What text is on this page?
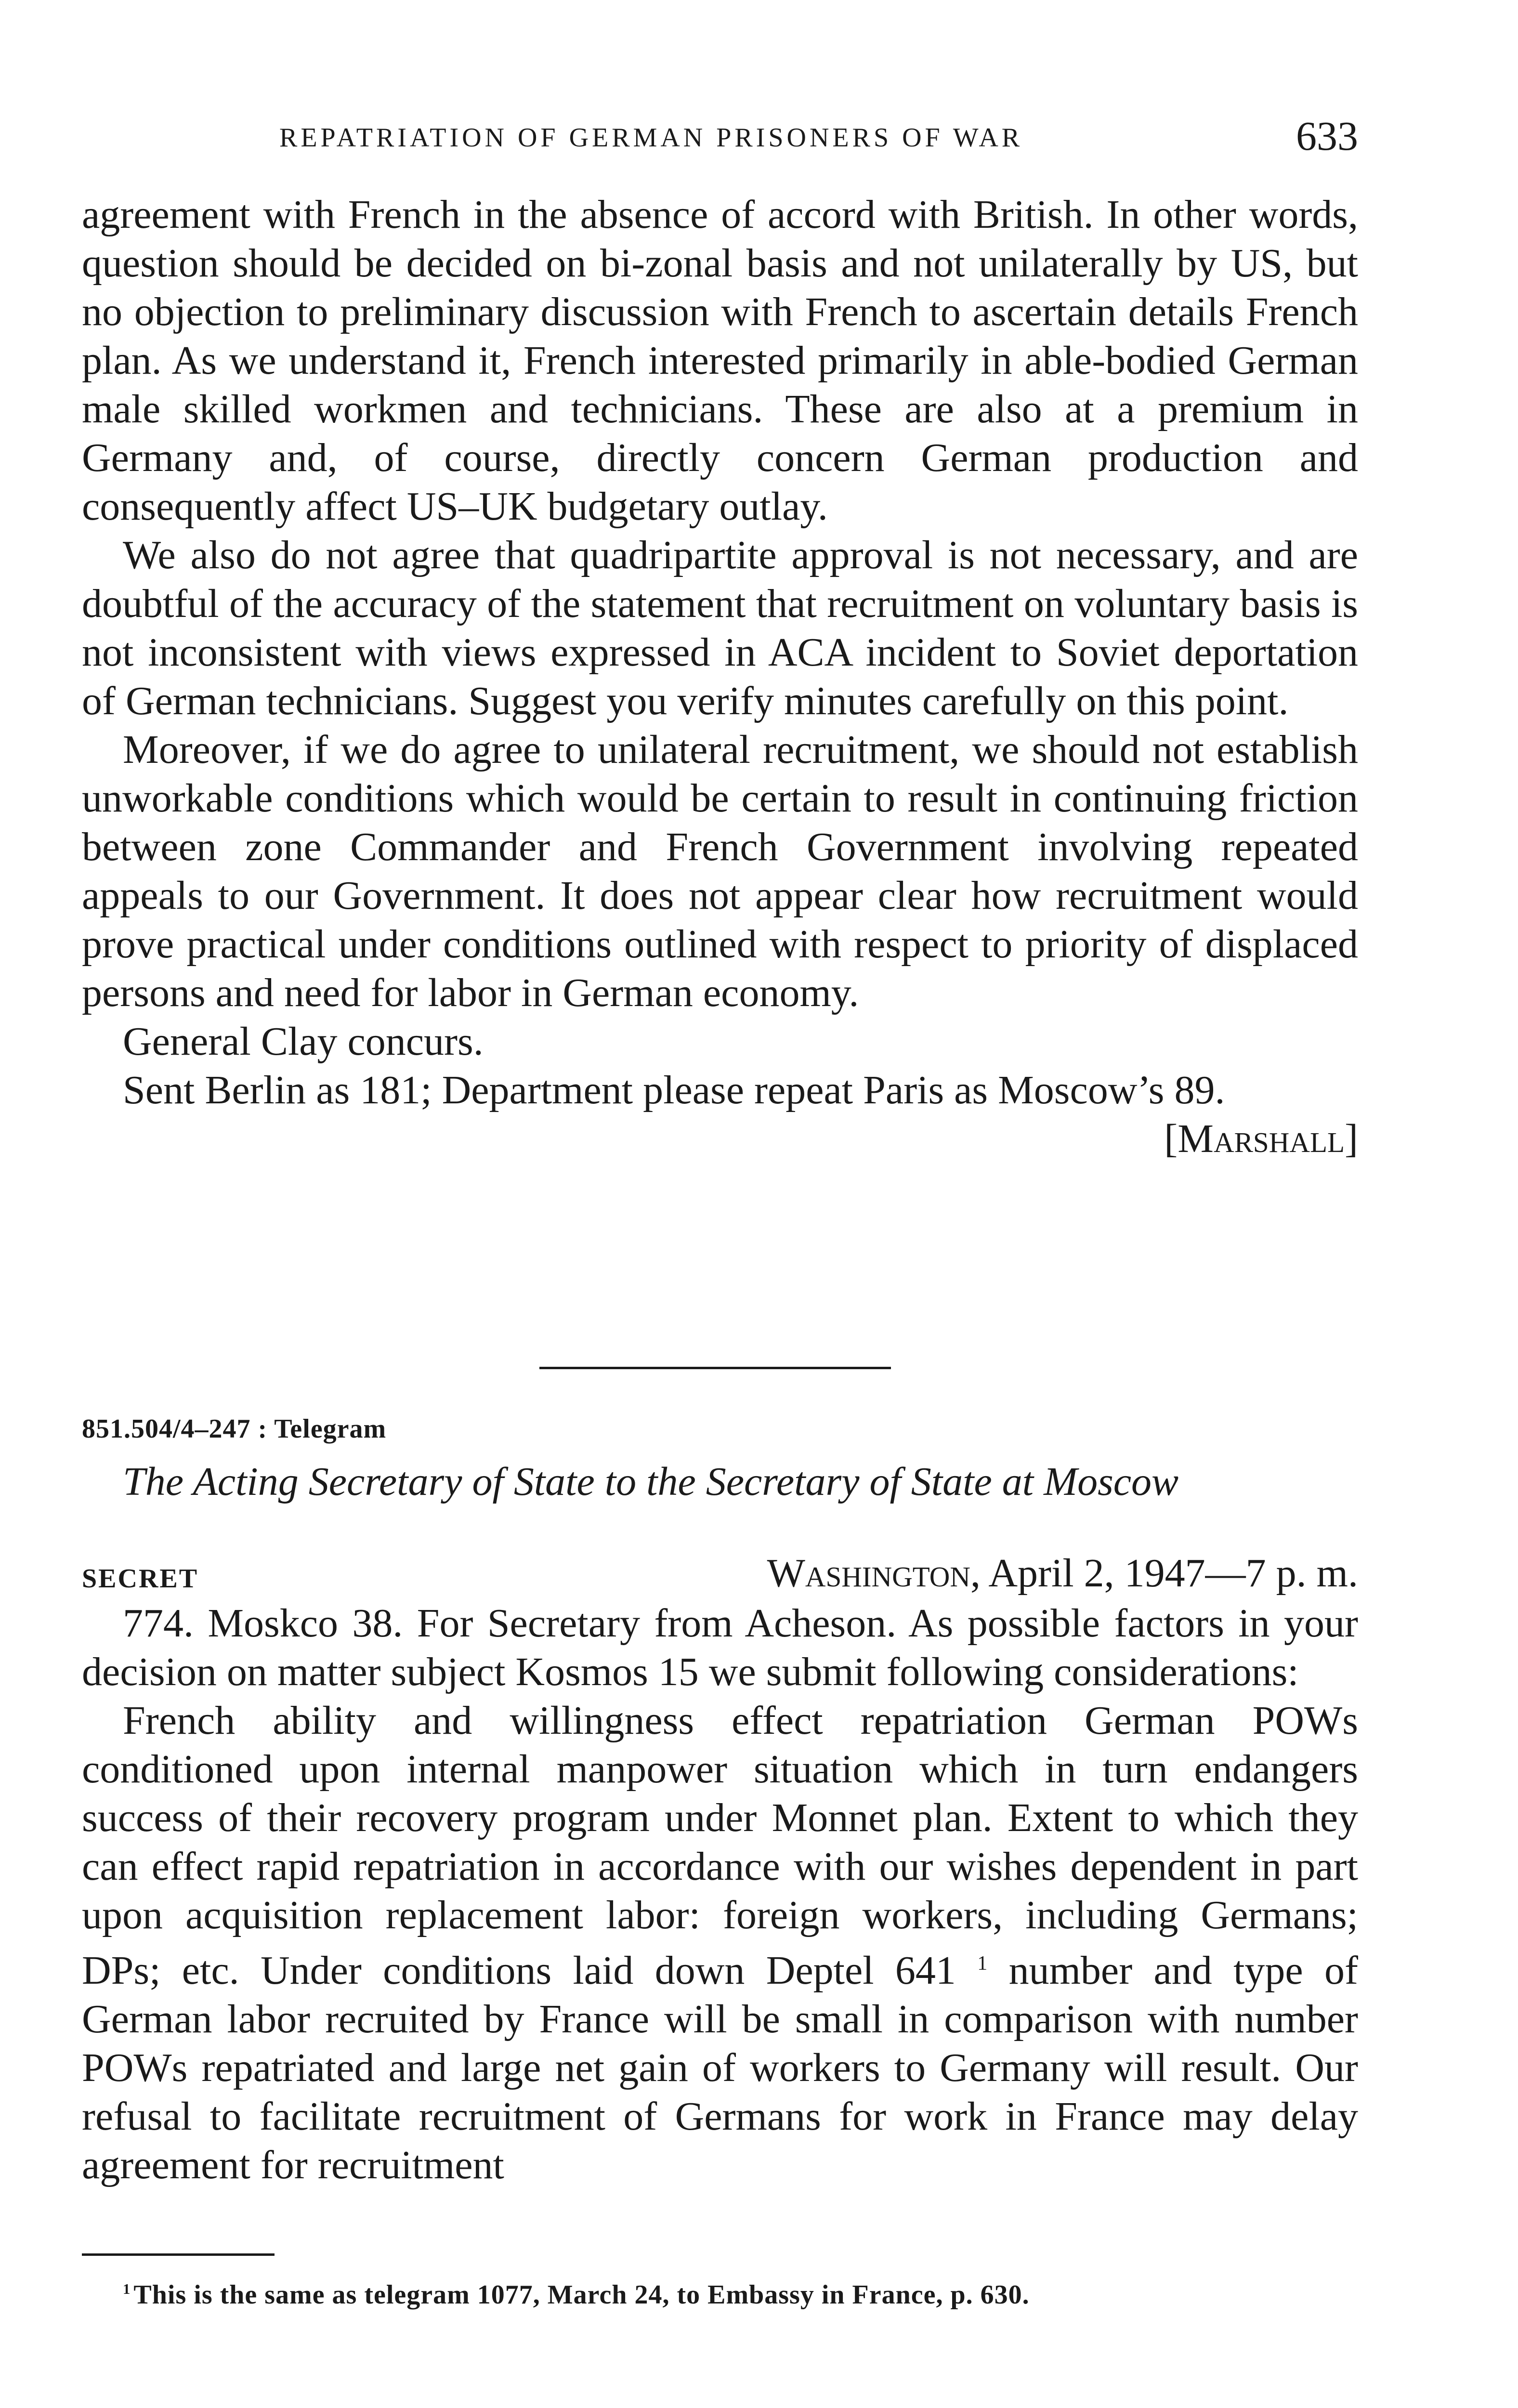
REPATRIATION OF GERMAN PRISONERS OF WAR	633

agreement with French in the absence of accord with British. In other words, question should be decided on bi-zonal basis and not unilaterally by US, but no objection to preliminary discussion with French to ascertain details French plan. As we understand it, French interested primarily in able-bodied German male skilled workmen and technicians. These are also at a premium in Germany and, of course, directly concern German production and consequently affect US–UK budgetary outlay.

We also do not agree that quadripartite approval is not necessary, and are doubtful of the accuracy of the statement that recruitment on voluntary basis is not inconsistent with views expressed in ACA incident to Soviet deportation of German technicians. Suggest you verify minutes carefully on this point.

Moreover, if we do agree to unilateral recruitment, we should not establish unworkable conditions which would be certain to result in continuing friction between zone Commander and French Government involving repeated appeals to our Government. It does not appear clear how recruitment would prove practical under conditions outlined with respect to priority of displaced persons and need for labor in German economy.

General Clay concurs.

Sent Berlin as 181; Department please repeat Paris as Moscow’s 89.

[Marshall]

851.504/4–247 : Telegram
The Acting Secretary of State to the Secretary of State at Moscow
SECRET	Washington, April 2, 1947—7 p. m.

774. Moskco 38. For Secretary from Acheson. As possible factors in your decision on matter subject Kosmos 15 we submit following considerations:

French ability and willingness effect repatriation German POWs conditioned upon internal manpower situation which in turn endangers success of their recovery program under Monnet plan. Extent to which they can effect rapid repatriation in accordance with our wishes dependent in part upon acquisition replacement labor: foreign workers, including Germans; DPs; etc. Under conditions laid down Deptel 641 $^1$ number and type of German labor recruited by France will be small in comparison with number POWs repatriated and large net gain of workers to Germany will result. Our refusal to facilitate recruitment of Germans for work in France may delay agreement for recruitment

$^1$ This is the same as telegram 1077, March 24, to Embassy in France, p. 630.
